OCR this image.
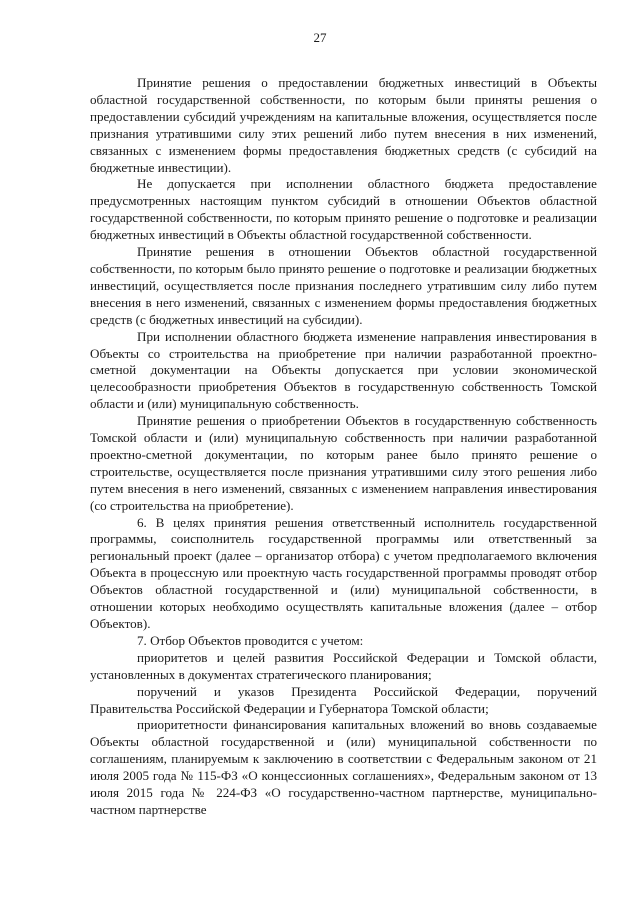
27

Принятие решения о предоставлении бюджетных инвестиций в Объекты областной государственной собственности, по которым были приняты решения о предоставлении субсидий учреждениям на капитальные вложения, осуществляется после признания утратившими силу этих решений либо путем внесения в них изменений, связанных с изменением формы предоставления бюджетных средств (с субсидий на бюджетные инвестиции).

Не допускается при исполнении областного бюджета предоставление предусмотренных настоящим пунктом субсидий в отношении Объектов областной государственной собственности, по которым принято решение о подготовке и реализации бюджетных инвестиций в Объекты областной государственной собственности.

Принятие решения в отношении Объектов областной государственной собственности, по которым было принято решение о подготовке и реализации бюджетных инвестиций, осуществляется после признания последнего утратившим силу либо путем внесения в него изменений, связанных с изменением формы предоставления бюджетных средств (с бюджетных инвестиций на субсидии).

При исполнении областного бюджета изменение направления инвестирования в Объекты со строительства на приобретение при наличии разработанной проектно-сметной документации на Объекты допускается при условии экономической целесообразности приобретения Объектов в государственную собственность Томской области и (или) муниципальную собственность.

Принятие решения о приобретении Объектов в государственную собственность Томской области и (или) муниципальную собственность при наличии разработанной проектно-сметной документации, по которым ранее было принято решение о строительстве, осуществляется после признания утратившими силу этого решения либо путем внесения в него изменений, связанных с изменением направления инвестирования (со строительства на приобретение).

6. В целях принятия решения ответственный исполнитель государственной программы, соисполнитель государственной программы или ответственный за региональный проект (далее – организатор отбора) с учетом предполагаемого включения Объекта в процессную или проектную часть государственной программы проводят отбор Объектов областной государственной и (или) муниципальной собственности, в отношении которых необходимо осуществлять капитальные вложения (далее – отбор Объектов).

7. Отбор Объектов проводится с учетом:

приоритетов и целей развития Российской Федерации и Томской области, установленных в документах стратегического планирования;

поручений и указов Президента Российской Федерации, поручений Правительства Российской Федерации и Губернатора Томской области;

приоритетности финансирования капитальных вложений во вновь создаваемые Объекты областной государственной и (или) муниципальной собственности по соглашениям, планируемым к заключению в соответствии с Федеральным законом от 21 июля 2005 года № 115-ФЗ «О концессионных соглашениях», Федеральным законом от 13 июля 2015 года № 224-ФЗ «О государственно-частном партнерстве, муниципально-частном партнерстве
